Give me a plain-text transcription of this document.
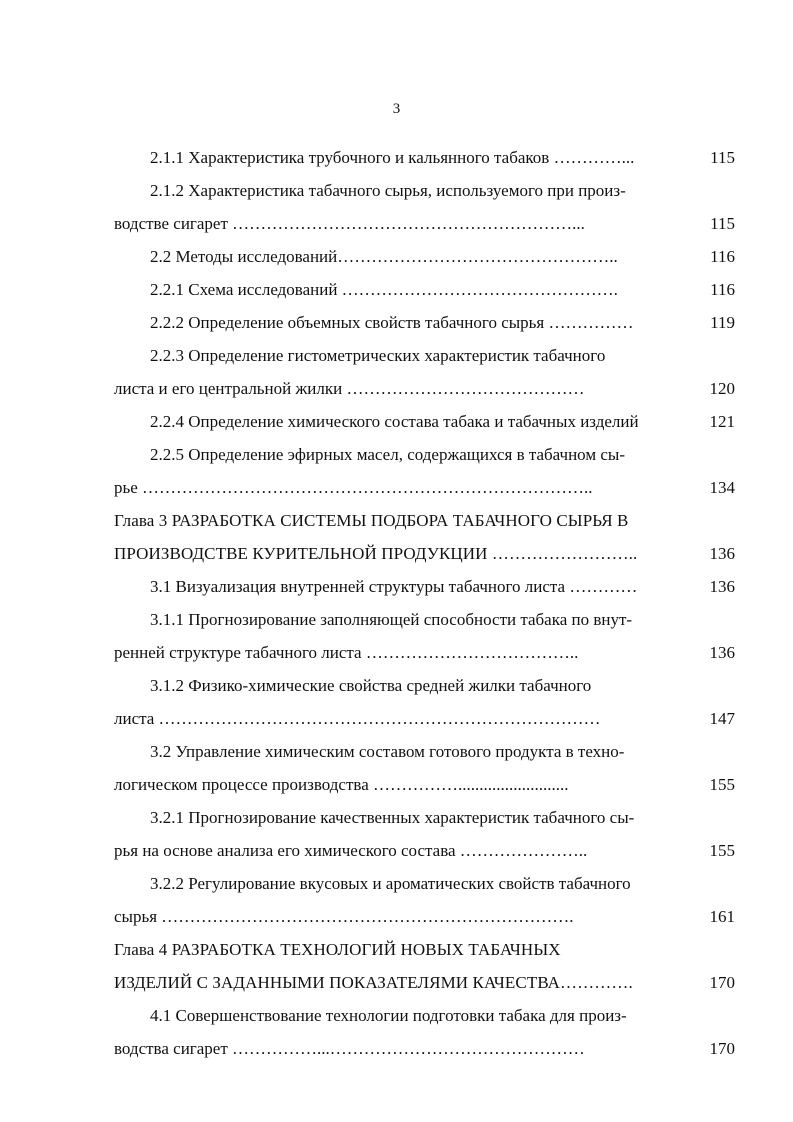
3
2.1.1 Характеристика трубочного и кальянного табаков …………...	115
2.1.2 Характеристика табачного сырья, используемого при произ-
водстве сигарет ……………………………………………………...	115
2.2 Методы исследований…………………………………………..	116
2.2.1 Схема исследований ………………………………………….	116
2.2.2 Определение объемных свойств табачного сырья ……………	119
2.2.3 Определение гистометрических характеристик табачного
листа и его центральной жилки ……………………………………	120
2.2.4 Определение химического состава табака и табачных изделий	121
2.2.5 Определение эфирных масел, содержащихся в табачном сы-
рье ……………………………………………………………………..	134
Глава 3 РАЗРАБОТКА СИСТЕМЫ ПОДБОРА ТАБАЧНОГО СЫРЬЯ В
ПРОИЗВОДСТВЕ КУРИТЕЛЬНОЙ ПРОДУКЦИИ ……………………..	136
3.1 Визуализация внутренней структуры табачного листа …………	136
3.1.1 Прогнозирование заполняющей способности табака по внут-
ренней структуре табачного листа ………………………………..	136
3.1.2 Физико-химические свойства средней жилки табачного
листа ……………………………………………………………………	147
3.2 Управление химическим составом готового продукта в техно-
логическом процессе производства ……………..........................	155
3.2.1 Прогнозирование качественных характеристик табачного сы-
рья на основе анализа его химического состава …………………..	155
3.2.2 Регулирование вкусовых и ароматических свойств табачного
сырья ……………………………………………………………….	161
Глава 4 РАЗРАБОТКА ТЕХНОЛОГИЙ НОВЫХ ТАБАЧНЫХ
ИЗДЕЛИЙ С ЗАДАННЫМИ ПОКАЗАТЕЛЯМИ КАЧЕСТВА………….	170
4.1 Совершенствование технологии подготовки табака для произ-
водства сигарет ……………...………………………………………	170
